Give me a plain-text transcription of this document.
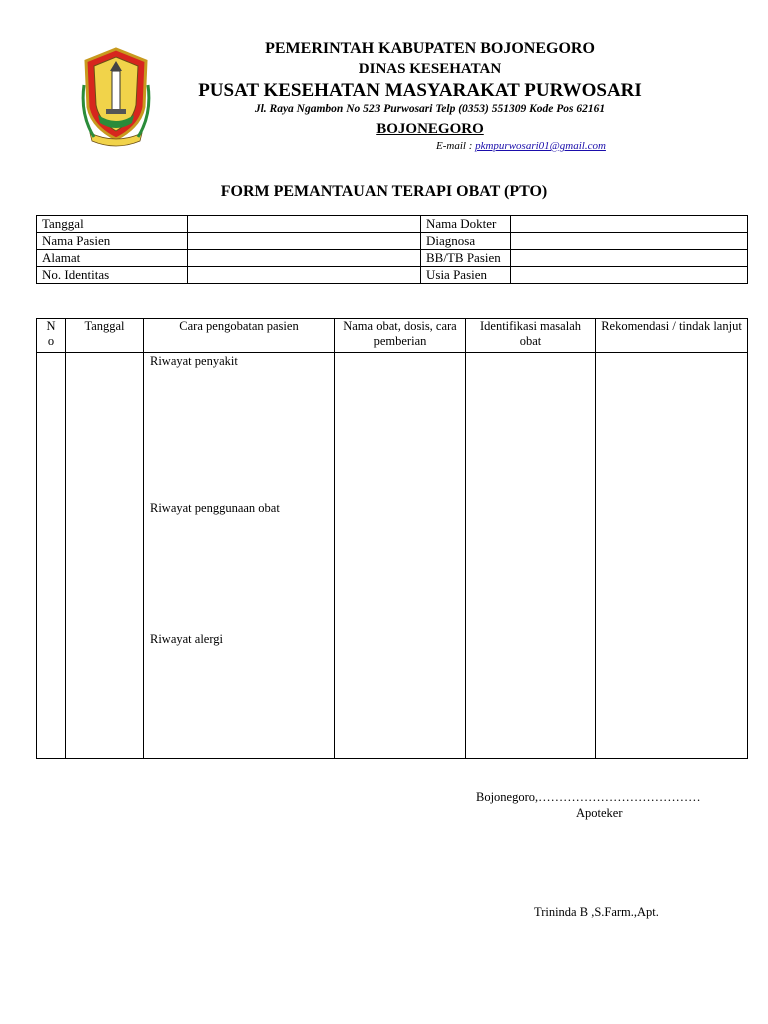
PEMERINTAH KABUPATEN BOJONEGORO
DINAS KESEHATAN
PUSAT KESEHATAN MASYARAKAT PURWOSARI
Jl. Raya Ngambon No 523 Purwosari Telp (0353) 551309 Kode Pos 62161
BOJONEGORO
E-mail : pkmpurwosari01@gmail.com
FORM PEMANTAUAN TERAPI OBAT (PTO)
Tanggal		Nama Dokter	
Nama Pasien		Diagnosa	
Alamat		BB/TB Pasien	
No. Identitas		Usia Pasien	
N
o	Tanggal	Cara pengobatan pasien	Nama obat, dosis, cara pemberian	Identifikasi masalah obat	Rekomendasi / tindak lanjut

		Riwayat penyakit
Riwayat penggunaan obat
Riwayat alergi			

Bojonegoro,…………………………………
Apoteker
Trininda B ,S.Farm.,Apt.
